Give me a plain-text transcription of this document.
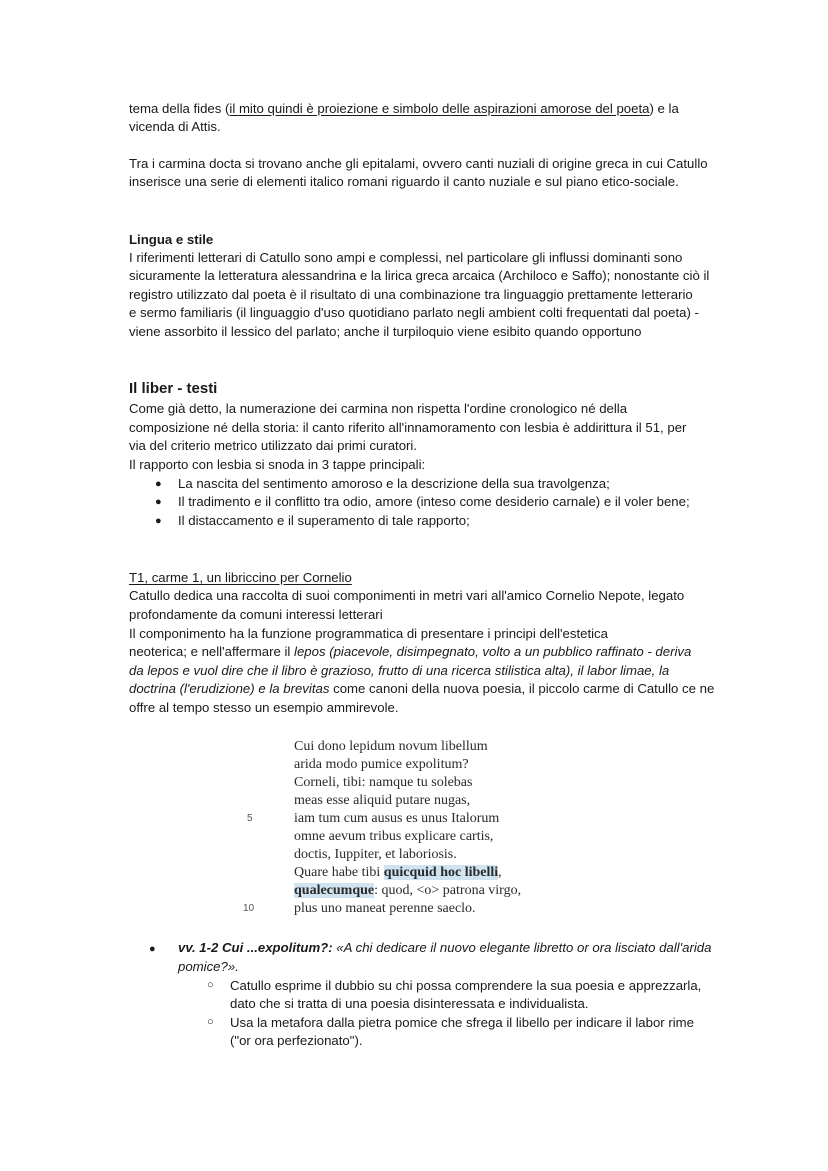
tema della fides (il mito quindi è proiezione e simbolo delle aspirazioni amorose del poeta) e la
vicenda di Attis.
Tra i carmina docta si trovano anche gli epitalami, ovvero canti nuziali di origine greca in cui Catullo
inserisce una serie di elementi italico romani riguardo il canto nuziale e sul piano etico-sociale.
Lingua e stile
I riferimenti letterari di Catullo sono ampi e complessi, nel particolare gli influssi dominanti sono
sicuramente la letteratura alessandrina e la lirica greca arcaica (Archiloco e Saffo); nonostante ciò il
registro utilizzato dal poeta è il risultato di una combinazione tra linguaggio prettamente letterario
e sermo familiaris (il linguaggio d'uso quotidiano parlato negli ambient colti frequentati dal poeta) -
viene assorbito il lessico del parlato; anche il turpiloquio viene esibito quando opportuno
Il liber - testi
Come già detto, la numerazione dei carmina non rispetta l'ordine cronologico né della
composizione né della storia: il canto riferito all'innamoramento con lesbia è addirittura il 51, per
via del criterio metrico utilizzato dai primi curatori.
Il rapporto con lesbia si snoda in 3 tappe principali:
● La nascita del sentimento amoroso e la descrizione della sua travolgenza;
● Il tradimento e il conflitto tra odio, amore (inteso come desiderio carnale) e il voler bene;
● Il distaccamento e il superamento di tale rapporto;
T1, carme 1, un libriccino per Cornelio
Catullo dedica una raccolta di suoi componimenti in metri vari all'amico Cornelio Nepote, legato
profondamente da comuni interessi letterari
Il componimento ha la funzione programmatica di presentare i principi dell'estetica
neoterica; e nell'affermare il lepos (piacevole, disimpegnato, volto a un pubblico raffinato - deriva
da lepos e vuol dire che il libro è grazioso, frutto di una ricerca stilistica alta), il labor limae, la
doctrina (l'erudizione) e la brevitas come canoni della nuova poesia, il piccolo carme di Catullo ce ne
offre al tempo stesso un esempio ammirevole.
Cui dono lepidum novum libellum
arida modo pumice expolitum?
Corneli, tibi: namque tu solebas
meas esse aliquid putare nugas,
5	iam tum cum ausus es unus Italorum
omne aevum tribus explicare cartis,
doctis, Iuppiter, et laboriosis.
Quare habe tibi quicquid hoc libelli,
qualecumque: quod, <o> patrona virgo,
10	plus uno maneat perenne saeclo.
● vv. 1-2 Cui ...expolitum?: «A chi dedicare il nuovo elegante libretto or ora lisciato dall'arida
pomice?».
○ Catullo esprime il dubbio su chi possa comprendere la sua poesia e apprezzarla,
dato che si tratta di una poesia disinteressata e individualista.
○ Usa la metafora dalla pietra pomice che sfrega il libello per indicare il labor rime
("or ora perfezionato").
